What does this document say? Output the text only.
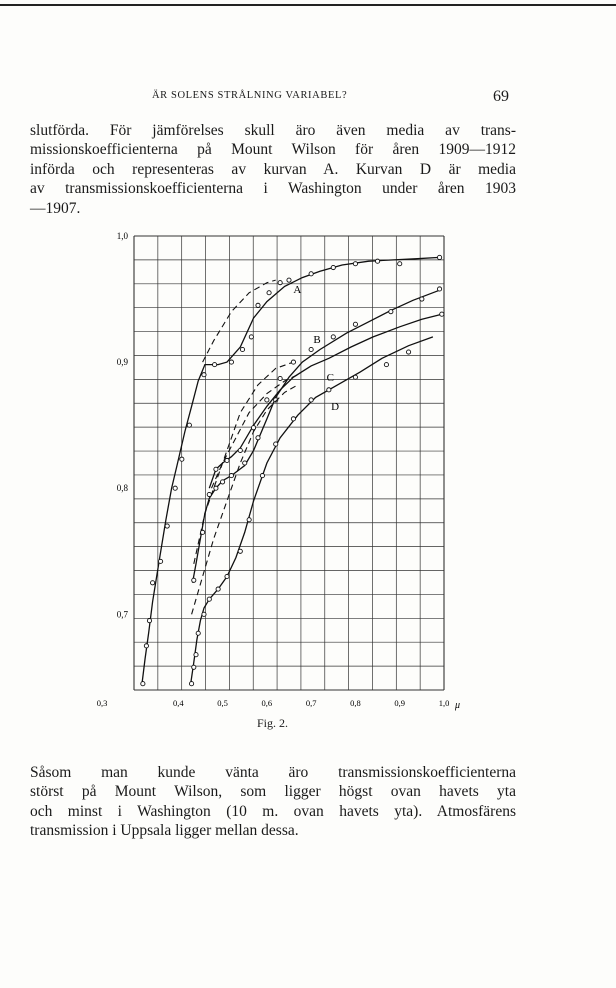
ÄR SOLENS STRÅLNING VARIABEL?	69
slutförda. För jämförelses skull äro även media av trans-
missionskoefficienterna på Mount Wilson för åren 1909—1912
införda och representeras av kurvan A. Kurvan D är media
av transmissionskoefficienterna i Washington under åren 1903
—1907.
1,0
0,9
0,8
0,7
0,3	0,4	0,5	0,6	0,7	0,8	0,9	1,0 μ
A
B
C
D
Fig. 2.
Såsom man kunde vänta äro transmissionskoefficienterna
störst på Mount Wilson, som ligger högst ovan havets yta
och minst i Washington (10 m. ovan havets yta). Atmosfärens
transmission i Uppsala ligger mellan dessa.
